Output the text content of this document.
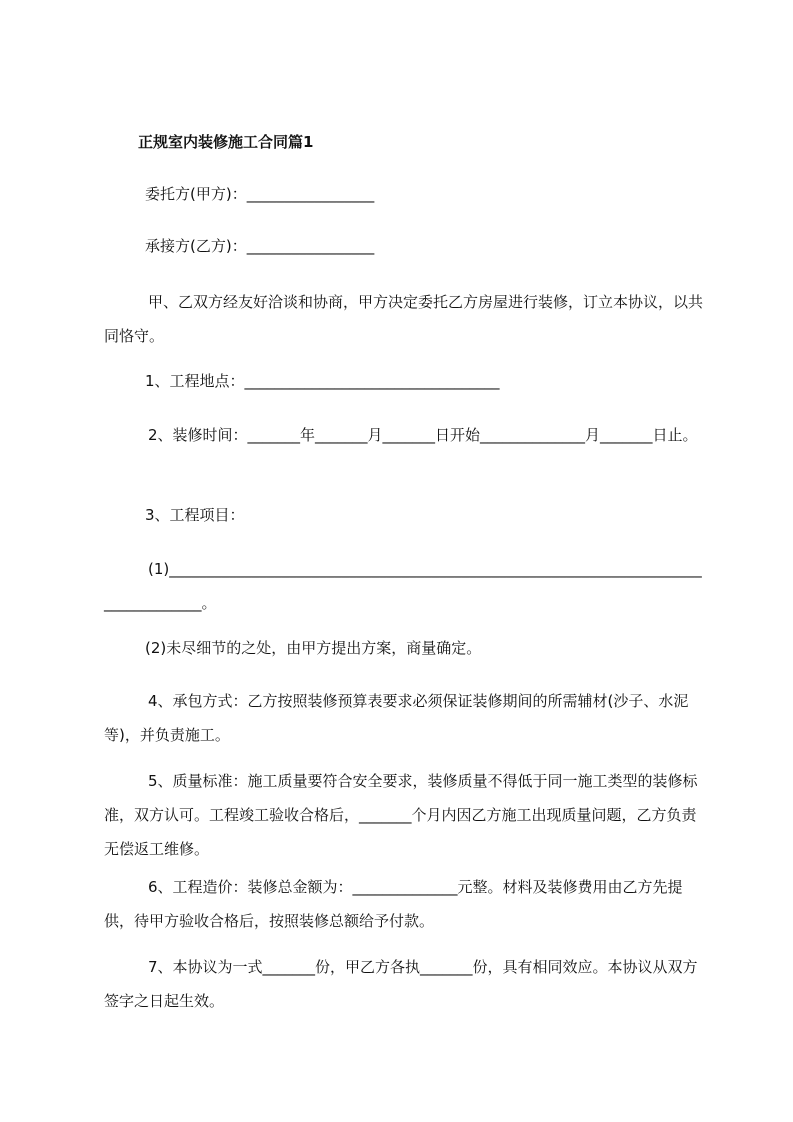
正规室内装修施工合同篇1
委托方(甲方)：_________________
承接方(乙方)：_________________
甲、乙双方经友好洽谈和协商，甲方决定委托乙方房屋进行装修，订立本协议，以共同恪守。
1、工程地点：__________________________________
2、装修时间：_______年_______月_______日开始______________月_______日止。
3、工程项目：
(1)____________________________________________________________________________________。
(2)未尽细节的之处，由甲方提出方案，商量确定。
4、承包方式：乙方按照装修预算表要求必须保证装修期间的所需辅材(沙子、水泥等)，并负责施工。
5、质量标准：施工质量要符合安全要求，装修质量不得低于同一施工类型的装修标准，双方认可。工程竣工验收合格后，_______个月内因乙方施工出现质量问题，乙方负责无偿返工维修。
6、工程造价：装修总金额为：______________元整。材料及装修费用由乙方先提供，待甲方验收合格后，按照装修总额给予付款。
7、本协议为一式_______份，甲乙方各执_______份，具有相同效应。本协议从双方签字之日起生效。
